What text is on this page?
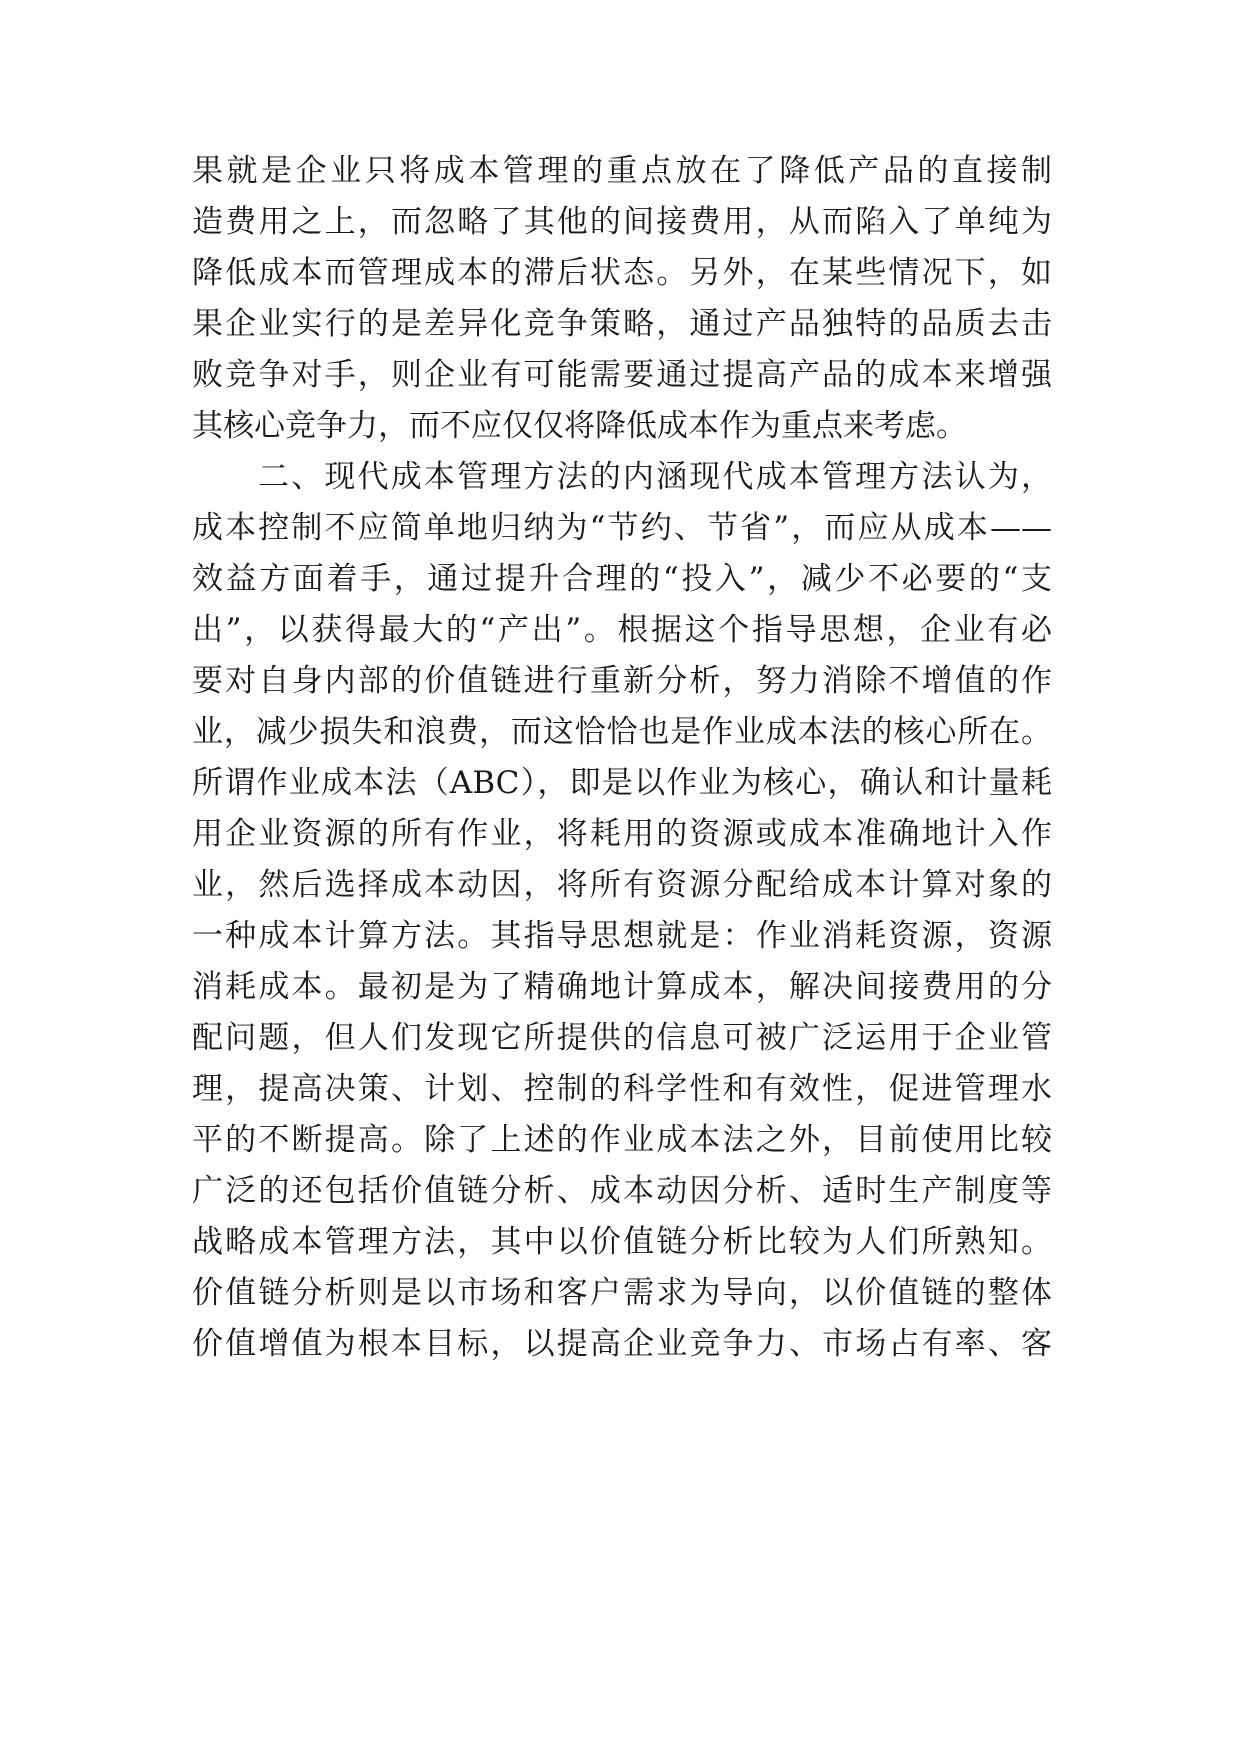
果就是企业只将成本管理的重点放在了降低产品的直接制
造费用之上，而忽略了其他的间接费用，从而陷入了单纯为
降低成本而管理成本的滞后状态。另外，在某些情况下，如
果企业实行的是差异化竞争策略，通过产品独特的品质去击
败竞争对手，则企业有可能需要通过提高产品的成本来增强
其核心竞争力，而不应仅仅将降低成本作为重点来考虑。
二、现代成本管理方法的内涵现代成本管理方法认为，
成本控制不应简单地归纳为“节约、节省”，而应从成本——
效益方面着手，通过提升合理的“投入”，减少不必要的“支
出”，以获得最大的“产出”。根据这个指导思想，企业有必
要对自身内部的价值链进行重新分析，努力消除不增值的作
业，减少损失和浪费，而这恰恰也是作业成本法的核心所在。
所谓作业成本法（ABC），即是以作业为核心，确认和计量耗
用企业资源的所有作业，将耗用的资源或成本准确地计入作
业，然后选择成本动因，将所有资源分配给成本计算对象的
一种成本计算方法。其指导思想就是：作业消耗资源，资源
消耗成本。最初是为了精确地计算成本，解决间接费用的分
配问题，但人们发现它所提供的信息可被广泛运用于企业管
理，提高决策、计划、控制的科学性和有效性，促进管理水
平的不断提高。除了上述的作业成本法之外，目前使用比较
广泛的还包括价值链分析、成本动因分析、适时生产制度等
战略成本管理方法，其中以价值链分析比较为人们所熟知。
价值链分析则是以市场和客户需求为导向，以价值链的整体
价值增值为根本目标，以提高企业竞争力、市场占有率、客
